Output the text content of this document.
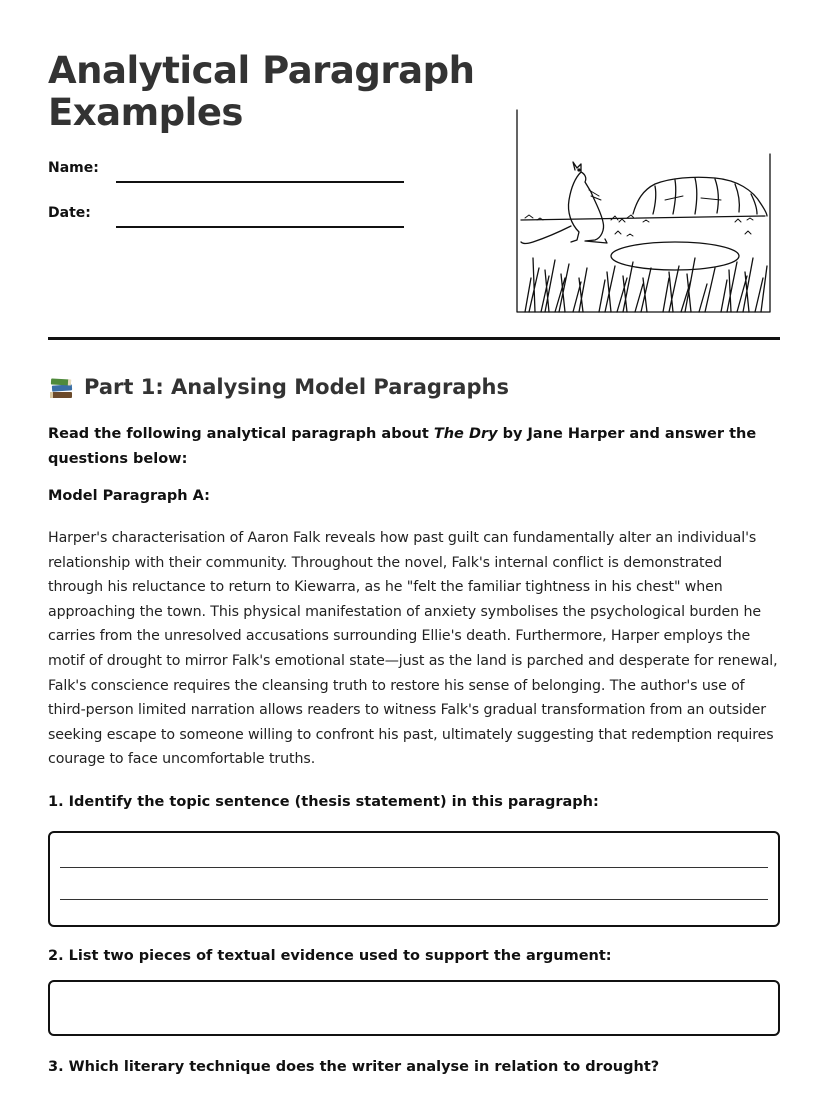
Analytical Paragraph Examples
Name:
Date:
Part 1: Analysing Model Paragraphs

Read the following analytical paragraph about The Dry by Jane Harper and answer the questions below:

Model Paragraph A:

Harper's characterisation of Aaron Falk reveals how past guilt can fundamentally alter an individual's relationship with their community. Throughout the novel, Falk's internal conflict is demonstrated through his reluctance to return to Kiewarra, as he "felt the familiar tightness in his chest" when approaching the town. This physical manifestation of anxiety symbolises the psychological burden he carries from the unresolved accusations surrounding Ellie's death. Furthermore, Harper employs the motif of drought to mirror Falk's emotional state—just as the land is parched and desperate for renewal, Falk's conscience requires the cleansing truth to restore his sense of belonging. The author's use of third-person limited narration allows readers to witness Falk's gradual transformation from an outsider seeking escape to someone willing to confront his past, ultimately suggesting that redemption requires courage to face uncomfortable truths.

1. Identify the topic sentence (thesis statement) in this paragraph:

2. List two pieces of textual evidence used to support the argument:

3. Which literary technique does the writer analyse in relation to drought?
